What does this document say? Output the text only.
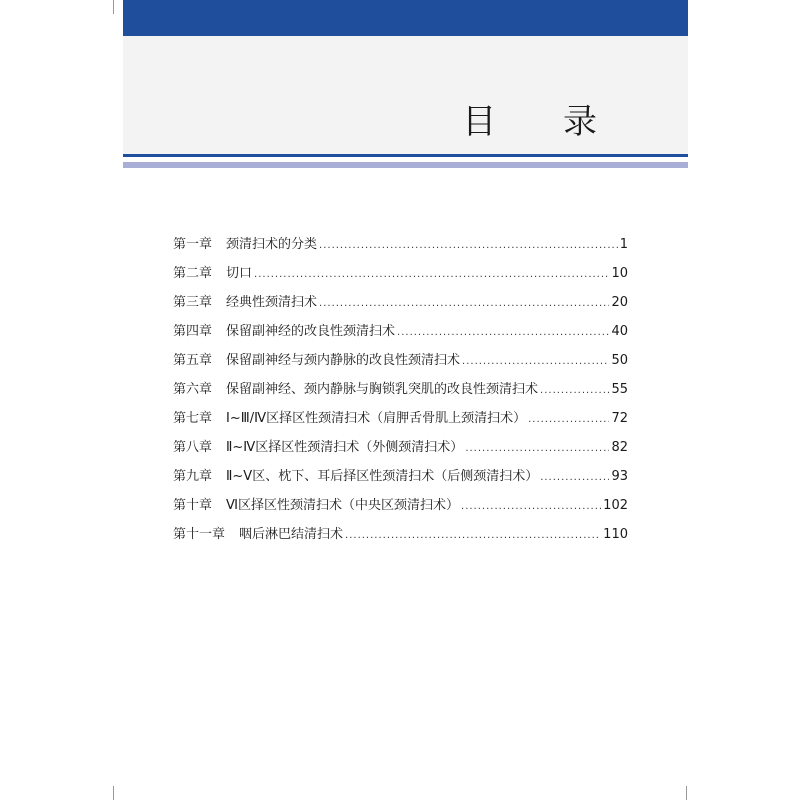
目 录
第一章 颈清扫术的分类 .....	1
第二章 切口 .....	10
第三章 经典性颈清扫术 .....	20
第四章 保留副神经的改良性颈清扫术 .....	40
第五章 保留副神经与颈内静脉的改良性颈清扫术 .....	50
第六章 保留副神经、颈内静脉与胸锁乳突肌的改良性颈清扫术 .....	55
第七章 Ⅰ~Ⅲ/Ⅳ区择区性颈清扫术（肩胛舌骨肌上颈清扫术） .....	72
第八章 Ⅱ~Ⅳ区择区性颈清扫术（外侧颈清扫术） .....	82
第九章 Ⅱ~Ⅴ区、枕下、耳后择区性颈清扫术（后侧颈清扫术） .....	93
第十章 Ⅵ区择区性颈清扫术（中央区颈清扫术） .....	102
第十一章 咽后淋巴结清扫术 .....	110
